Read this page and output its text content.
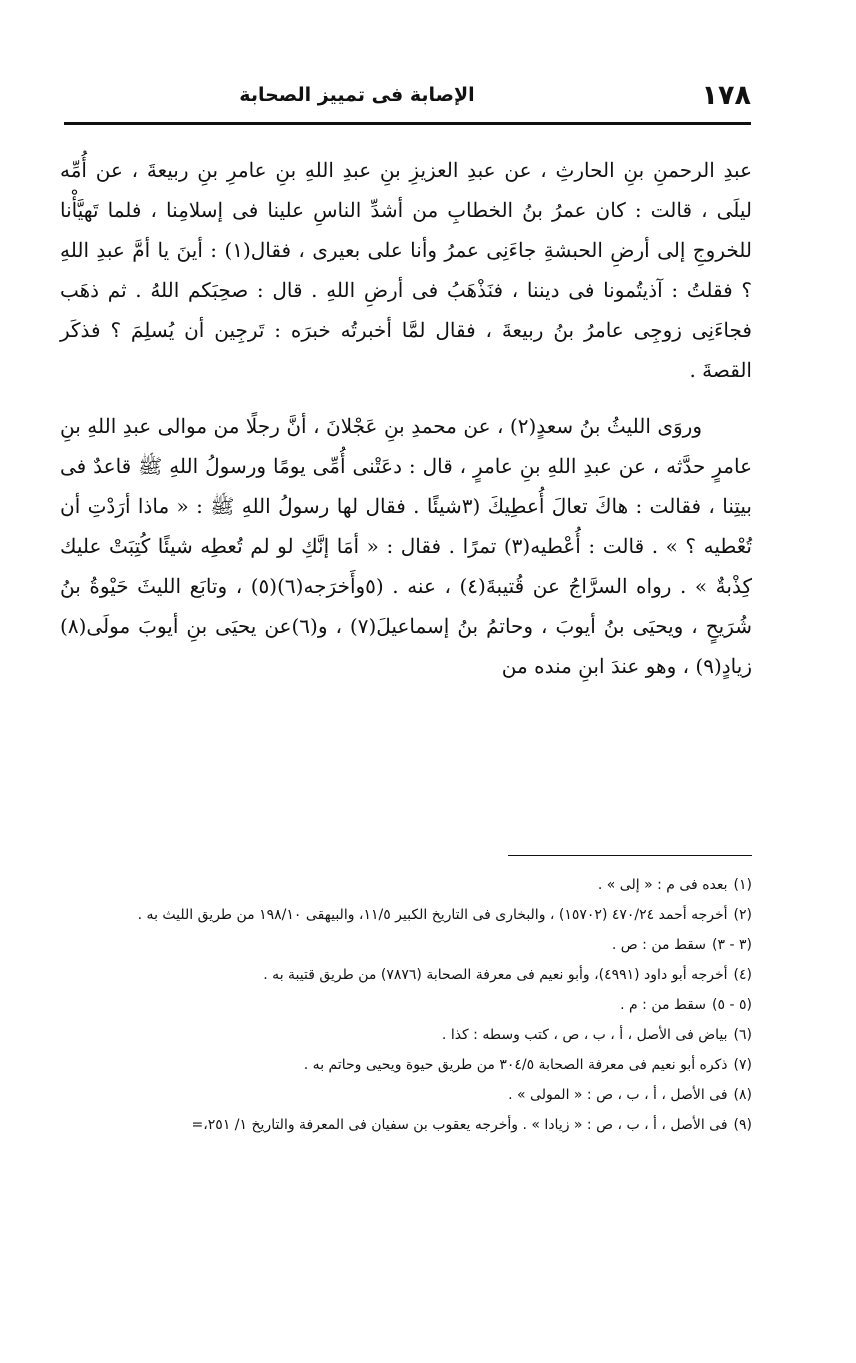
١٧٨
الإصابة فى تمييز الصحابة

عبدِ الرحمنِ بنِ الحارثِ ، عن عبدِ العزيزِ بنِ عبدِ اللهِ بنِ عامرِ بنِ ربيعةَ ، عن أُمِّه ليلَى ، قالت : كان عمرُ بنُ الخطابِ من أشدِّ الناسِ علينا فى إسلامِنا ، فلما تَهيَّأْنا للخروجِ إلى أرضِ الحبشةِ جاءَنِى عمرُ وأنا على بعيرى ، فقال(١) : أينَ يا أمَّ عبدِ اللهِ ؟ فقلتُ : آذيتُمونا فى ديننا ، فنَذْهَبُ فى أرضِ اللهِ . قال : صحِبَكم اللهُ . ثم ذهَب فجاءَنِى زوجِى عامرُ بنُ ربيعةَ ، فقال لمَّا أخبرتُه خبرَه : تَرجِين أن يُسلِمَ ؟ فذكَر القصةَ .

وروَى الليثُ بنُ سعدٍ(٢) ، عن محمدِ بنِ عَجْلانَ ، أنَّ رجلًا من موالى عبدِ اللهِ بنِ عامرٍ حدَّثه ، عن عبدِ اللهِ بنِ عامرٍ ، قال : دعَتْنى أُمِّى يومًا ورسولُ اللهِ ﷺ قاعدٌ فى بيتِنا ، فقالت : هاكَ تعالَ أُعطِيكَ (٣شيئًا . فقال لها رسولُ اللهِ ﷺ : « ماذا أرَدْتِ أن تُعْطيه ؟ » . قالت : أُعْطيه(٣) تمرًا . فقال : « أمَا إنَّكِ لو لم تُعطِه شيئًا كُتِبَتْ عليك كِذْبةٌ » . رواه السرَّاجُ عن قُتيبةَ(٤) ، عنه . (٥وأَخرَجه(٦)(٥) ، وتابَع الليثَ حَيْوةُ بنُ شُرَيحٍ ، ويحيَى بنُ أيوبَ ، وحاتمُ بنُ إسماعيلَ(٧) ، و(٦)عن يحيَى بنِ أيوبَ مولَى(٨) زيادٍ(٩) ، وهو عندَ ابنِ منده من

(١)
بعده فى م : « إلى » .
(٢)
أخرجه أحمد ٤٧٠/٢٤ (١٥٧٠٢) ، والبخارى فى التاريخ الكبير ١١/٥، والبيهقى ١٩٨/١٠ من طريق الليث به .
(٣ - ٣)
سقط من : ص .
(٤)
أخرجه أبو داود (٤٩٩١)، وأبو نعيم فى معرفة الصحابة (٧٨٧٦) من طريق قتيبة به .
(٥ - ٥)
سقط من : م .
(٦)
بياض فى الأصل ، أ ، ب ، ص ، كتب وسطه : كذا .
(٧)
ذكره أبو نعيم فى معرفة الصحابة ٣٠٤/٥ من طريق حيوة ويحيى وحاتم به .
(٨)
فى الأصل ، أ ، ب ، ص : « المولى » .
(٩)
فى الأصل ، أ ، ب ، ص : « زيادا » . وأخرجه يعقوب بن سفيان فى المعرفة والتاريخ ١/ ٢٥١،=
